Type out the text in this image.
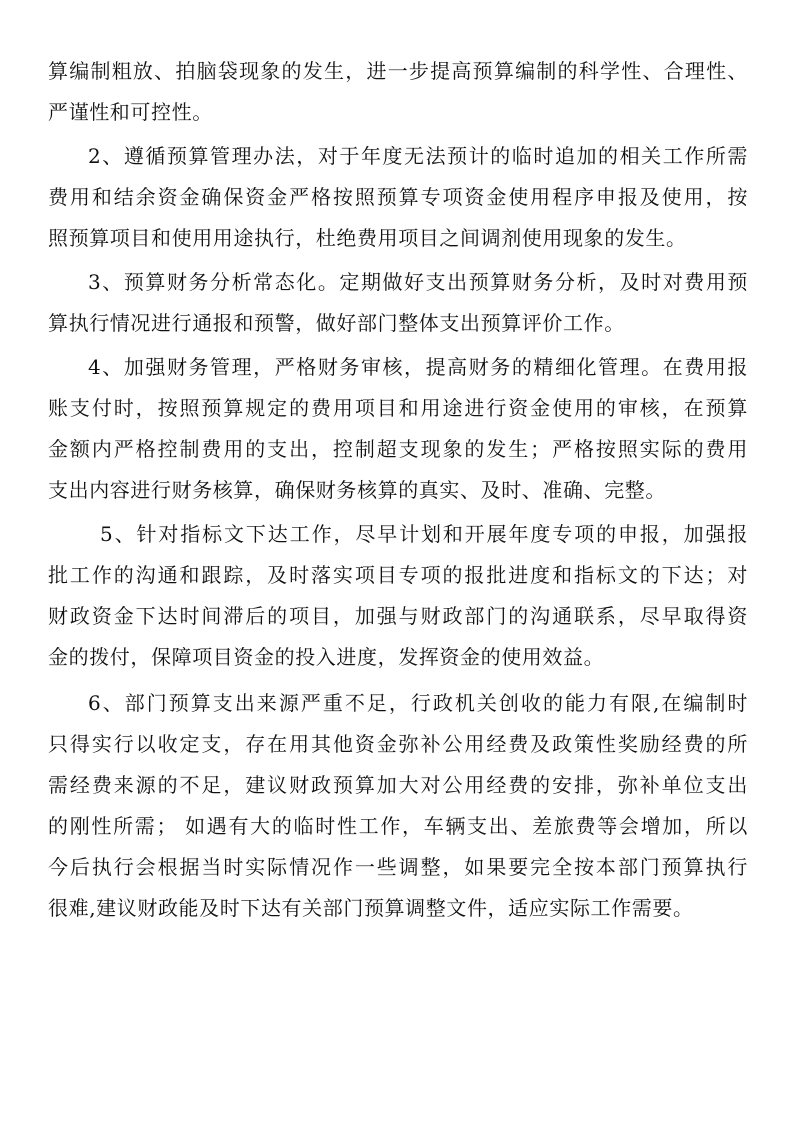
算编制粗放、拍脑袋现象的发生，进一步提高预算编制的科学性、合理性、
严谨性和可控性。
2、遵循预算管理办法，对于年度无法预计的临时追加的相关工作所需
费用和结余资金确保资金严格按照预算专项资金使用程序申报及使用，按
照预算项目和使用用途执行，杜绝费用项目之间调剂使用现象的发生。
3、预算财务分析常态化。定期做好支出预算财务分析，及时对费用预
算执行情况进行通报和预警，做好部门整体支出预算评价工作。
4、加强财务管理，严格财务审核，提高财务的精细化管理。在费用报
账支付时，按照预算规定的费用项目和用途进行资金使用的审核，在预算
金额内严格控制费用的支出，控制超支现象的发生；严格按照实际的费用
支出内容进行财务核算，确保财务核算的真实、及时、准确、完整。
5、针对指标文下达工作，尽早计划和开展年度专项的申报，加强报
批工作的沟通和跟踪，及时落实项目专项的报批进度和指标文的下达；对
财政资金下达时间滞后的项目，加强与财政部门的沟通联系，尽早取得资
金的拨付，保障项目资金的投入进度，发挥资金的使用效益。
6、部门预算支出来源严重不足，行政机关创收的能力有限,在编制时
只得实行以收定支，存在用其他资金弥补公用经费及政策性奖励经费的所
需经费来源的不足，建议财政预算加大对公用经费的安排，弥补单位支出
的刚性所需； 如遇有大的临时性工作，车辆支出、差旅费等会增加，所以
今后执行会根据当时实际情况作一些调整，如果要完全按本部门预算执行
很难,建议财政能及时下达有关部门预算调整文件，适应实际工作需要。
